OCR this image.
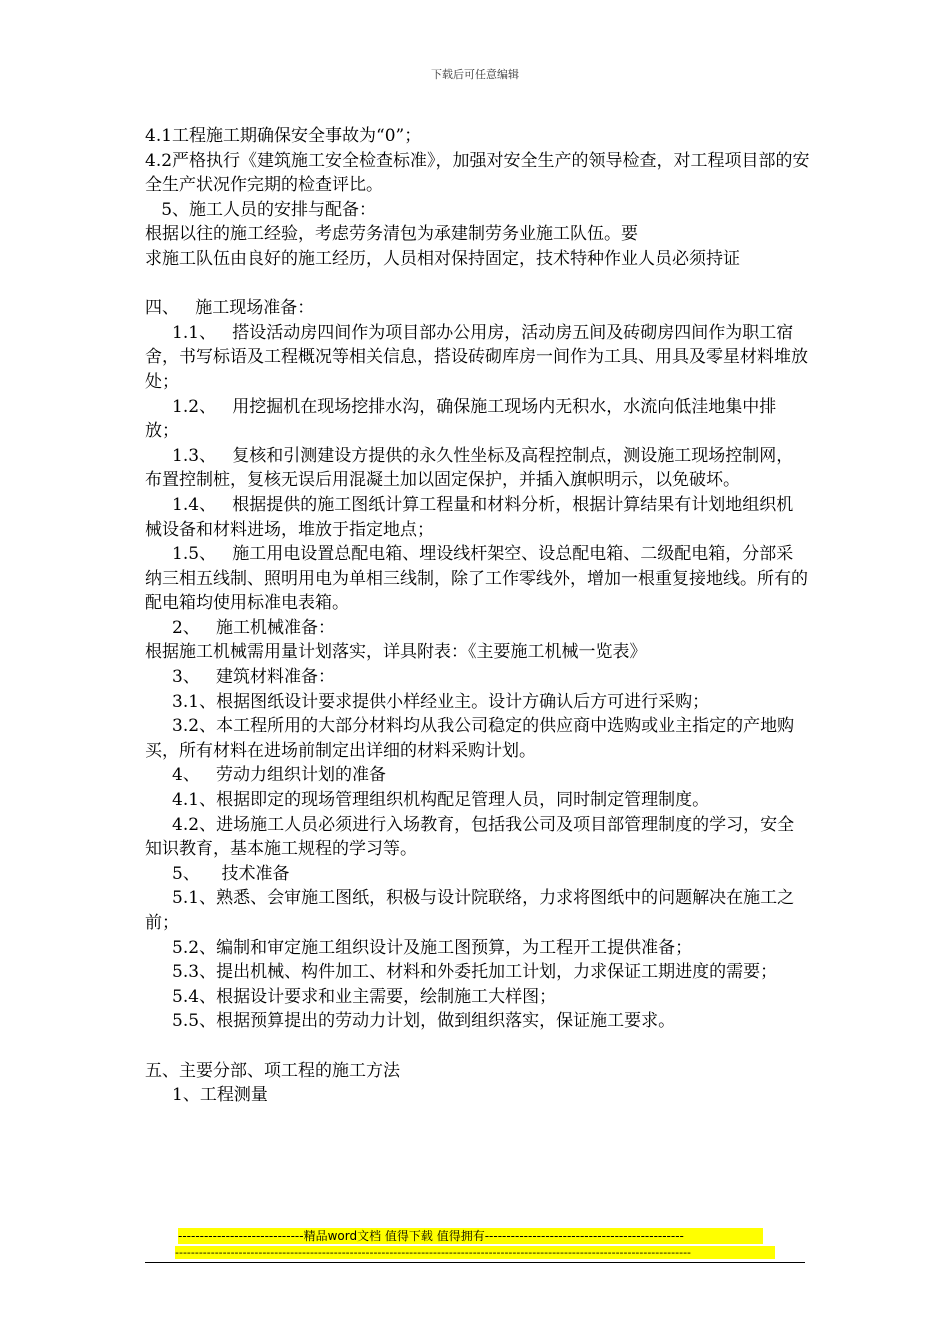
下载后可任意编辑
4.1工程施工期确保安全事故为“0”；
4.2严格执行《建筑施工安全检查标准》，加强对安全生产的领导检查，对工程项目部的安全生产状况作完期的检查评比。
5、施工人员的安排与配备：
根据以往的施工经验，考虑劳务清包为承建制劳务业施工队伍。要
求施工队伍由良好的施工经历，人员相对保持固定，技术特种作业人员必须持证
四、   施工现场准备：
1.1、   搭设活动房四间作为项目部办公用房，活动房五间及砖砌房四间作为职工宿舍，书写标语及工程概况等相关信息，搭设砖砌库房一间作为工具、用具及零星材料堆放处；
1.2、   用挖掘机在现场挖排水沟，确保施工现场内无积水，水流向低洼地集中排放；
1.3、   复核和引测建设方提供的永久性坐标及高程控制点，测设施工现场控制网，布置控制桩，复核无误后用混凝土加以固定保护，并插入旗帜明示，以免破坏。
1.4、   根据提供的施工图纸计算工程量和材料分析，根据计算结果有计划地组织机械设备和材料进场，堆放于指定地点；
1.5、   施工用电设置总配电箱、埋设线杆架空、设总配电箱、二级配电箱，分部采纳三相五线制、照明用电为单相三线制，除了工作零线外，增加一根重复接地线。所有的配电箱均使用标准电表箱。
2、   施工机械准备：
根据施工机械需用量计划落实，详具附表：《主要施工机械一览表》
3、   建筑材料准备：
3.1、根据图纸设计要求提供小样经业主。设计方确认后方可进行采购；
3.2、本工程所用的大部分材料均从我公司稳定的供应商中选购或业主指定的产地购买，所有材料在进场前制定出详细的材料采购计划。
4、   劳动力组织计划的准备
4.1、根据即定的现场管理组织机构配足管理人员，同时制定管理制度。
4.2、进场施工人员必须进行入场教育，包括我公司及项目部管理制度的学习，安全知识教育，基本施工规程的学习等。
5、    技术准备
5.1、熟悉、会审施工图纸，积极与设计院联络，力求将图纸中的问题解决在施工之前；
5.2、编制和审定施工组织设计及施工图预算，为工程开工提供准备；
5.3、提出机械、构件加工、材料和外委托加工计划，力求保证工期进度的需要；
5.4、根据设计要求和业主需要，绘制施工大样图；
5.5、根据预算提出的劳动力计划，做到组织落实，保证施工要求。
五、主要分部、项工程的施工方法
1、工程测量
-----------------------------精品word文档 值得下载 值得拥有----------------------------------------------
----------------------------------------------------------------------------------------------------------------------------------
